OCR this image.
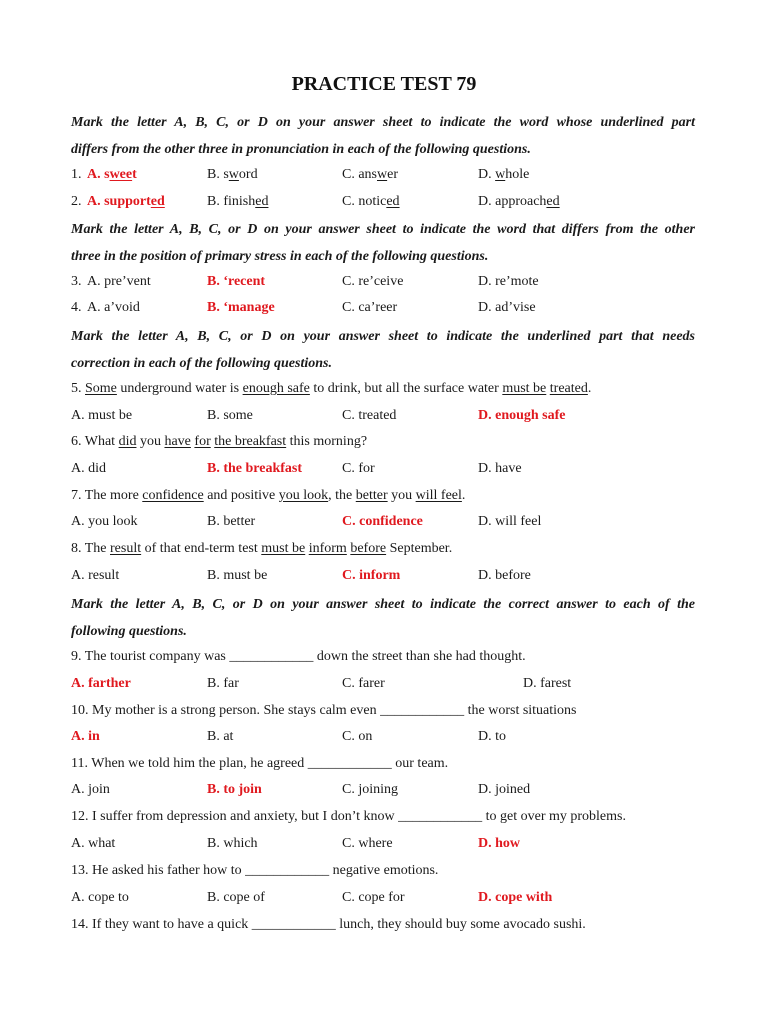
PRACTICE TEST 79
Mark the letter A, B, C, or D on your answer sheet to indicate the word whose underlined part
differs from the other three in pronunciation in each of the following questions.
1. A. sweet	B. sword	C. answer	D. whole
2. A. supported	B. finished	C. noticed	D. approached
Mark the letter A, B, C, or D on your answer sheet to indicate the word that differs from the other
three in the position of primary stress in each of the following questions.
3. A. pre’vent	B. ‘recent	C. re’ceive	D. re’mote
4. A. a’void	B. ‘manage	C. ca’reer	D. ad’vise
Mark the letter A, B, C, or D on your answer sheet to indicate the underlined part that needs
correction in each of the following questions.
5. Some underground water is enough safe to drink, but all the surface water must be treated.
A. must be	B. some	C. treated	D. enough safe
6. What did you have for the breakfast this morning?
A. did	B. the breakfast	C. for	D. have
7. The more confidence and positive you look, the better you will feel.
A. you look	B. better	C. confidence	D. will feel
8. The result of that end-term test must be inform before September.
A. result	B. must be	C. inform	D. before
Mark the letter A, B, C, or D on your answer sheet to indicate the correct answer to each of the
following questions.
9. The tourist company was ____________ down the street than she had thought.
A. farther	B. far	C. farer	D. farest
10. My mother is a strong person. She stays calm even ____________ the worst situations
A. in	B. at	C. on	D. to
11. When we told him the plan, he agreed ____________ our team.
A. join	B. to join	C. joining	D. joined
12. I suffer from depression and anxiety, but I don’t know ____________ to get over my problems.
A. what	B. which	C. where	D. how
13. He asked his father how to ____________ negative emotions.
A. cope to	B. cope of	C. cope for	D. cope with
14. If they want to have a quick ____________ lunch, they should buy some avocado sushi.
